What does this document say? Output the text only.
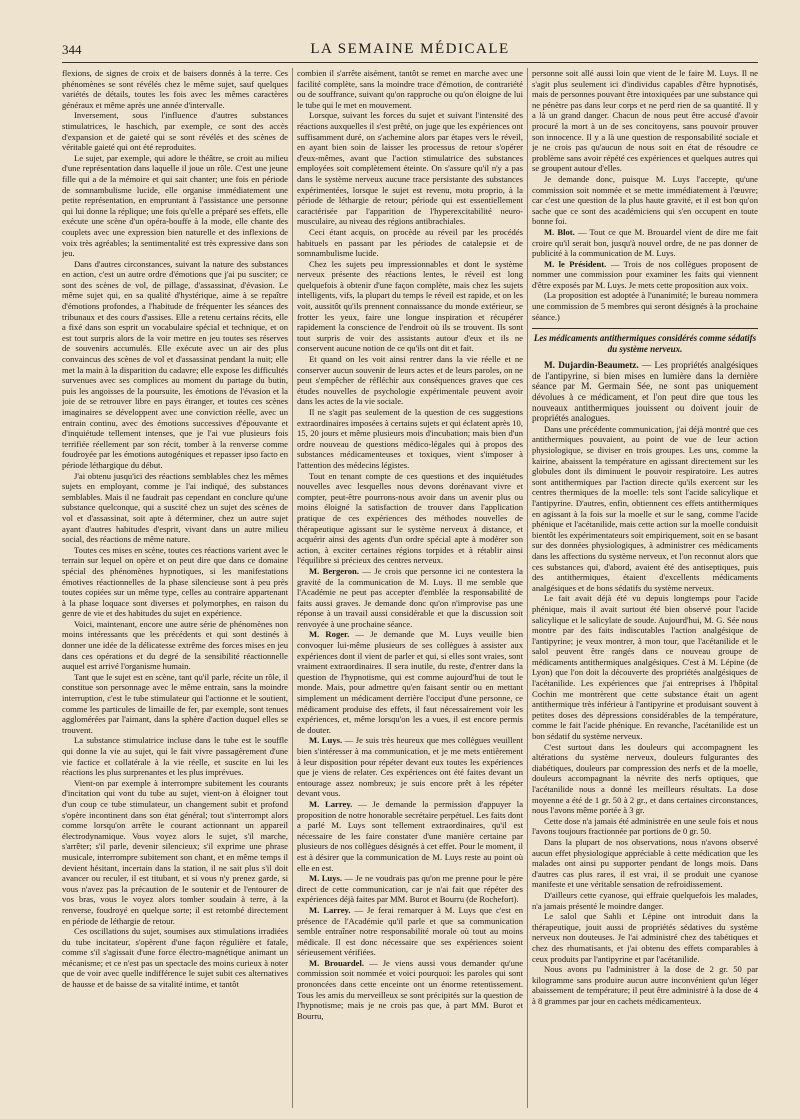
344	LA SEMAINE MÉDICALE

flexions, de signes de croix et de baisers donnés à la terre. Ces phénomènes se sont révélés chez le même sujet, sauf quelques variétés de détails, toutes les fois avec les mêmes caractères généraux et même après une année d'intervalle.

Inversement, sous l'influence d'autres substances stimulatrices, le haschich, par exemple, ce sont des accès d'expansion et de gaieté qui se sont révélés et des scènes de véritable gaieté qui ont été reproduites.

Le sujet, par exemple, qui adore le théâtre, se croit au milieu d'une représentation dans laquelle il joue un rôle. C'est une jeune fille qui a de la mémoire et qui sait chanter; une fois en période de somnambulisme lucide, elle organise immédiatement une petite représentation, en empruntant à l'assistance une personne qui lui donne la réplique; une fois qu'elle a préparé ses effets, elle exécute une scène d'un opéra-bouffe à la mode, elle chante des couplets avec une expression bien naturelle et des inflexions de voix très agréables; la sentimentalité est très expressive dans son jeu.

Dans d'autres circonstances, suivant la nature des substances en action, c'est un autre ordre d'émotions que j'ai pu susciter; ce sont des scènes de vol, de pillage, d'assassinat, d'évasion. Le même sujet qui, en sa qualité d'hystérique, aime à se repaître d'émotions profondes, a l'habitude de fréquenter les séances des tribunaux et des cours d'assises. Elle a retenu certains récits, elle a fixé dans son esprit un vocabulaire spécial et technique, et on est tout surpris alors de la voir mettre en jeu toutes ses réserves de souvenirs accumulés. Elle exécute avec un air des plus convaincus des scènes de vol et d'assassinat pendant la nuit; elle met la main à la disparition du cadavre; elle expose les difficultés survenues avec ses complices au moment du partage du butin, puis les angoisses de la poursuite, les émotions de l'évasion et la joie de se retrouver libre en pays étranger, et toutes ces scènes imaginaires se développent avec une conviction réelle, avec un entrain continu, avec des émotions successives d'épouvante et d'inquiétude tellement intenses, que je l'ai vue plusieurs fois terrifiée réellement par son récit, tomber à la renverse comme foudroyée par les émotions autogéniques et repasser ipso facto en période léthargique du début.

J'ai obtenu jusqu'ici des réactions semblables chez les mêmes sujets en employant, comme je l'ai indiqué, des substances semblables. Mais il ne faudrait pas cependant en conclure qu'une substance quelconque, qui a suscité chez un sujet des scènes de vol et d'assassinat, soit apte à déterminer, chez un autre sujet ayant d'autres habitudes d'esprit, vivant dans un autre milieu social, des réactions de même nature.

Toutes ces mises en scène, toutes ces réactions varient avec le terrain sur lequel on opère et on peut dire que dans ce domaine spécial des phénomènes hypnotiques, si les manifestations émotives réactionnelles de la phase silencieuse sont à peu près toutes copiées sur un même type, celles au contraire appartenant à la phase loquace sont diverses et polymorphes, en raison du genre de vie et des habitudes du sujet en expérience.

Voici, maintenant, encore une autre série de phénomènes non moins intéressants que les précédents et qui sont destinés à donner une idée de la délicatesse extrême des forces mises en jeu dans ces opérations et du degré de la sensibilité réactionnelle auquel est arrivé l'organisme humain.

Tant que le sujet est en scène, tant qu'il parle, récite un rôle, il constitue son personnage avec le même entrain, sans la moindre interruption, c'est le tube stimulateur qui l'actionne et le soutient, comme les particules de limaille de fer, par exemple, sont tenues agglomérées par l'aimant, dans la sphère d'action duquel elles se trouvent.

La substance stimulatrice incluse dans le tube est le souffle qui donne la vie au sujet, qui le fait vivre passagèrement d'une vie factice et collatérale à la vie réelle, et suscite en lui les réactions les plus surprenantes et les plus imprévues.

Vient-on par exemple à interrompre subitement les courants d'incitation qui vont du tube au sujet, vient-on à éloigner tout d'un coup ce tube stimulateur, un changement subit et profond s'opère incontinent dans son état général; tout s'interrompt alors comme lorsqu'on arrête le courant actionnant un appareil électrodynamique. Vous voyez alors le sujet, s'il marche, s'arrêter; s'il parle, devenir silencieux; s'il exprime une phrase musicale, interrompre subitement son chant, et en même temps il devient hésitant, incertain dans la station, il ne sait plus s'il doit avancer ou reculer, il est titubant, et si vous n'y prenez garde, si vous n'avez pas la précaution de le soutenir et de l'entourer de vos bras, vous le voyez alors tomber soudain à terre, à la renverse, foudroyé en quelque sorte; il est retombé directement en période de léthargie de retour.

Ces oscillations du sujet, soumises aux stimulations irradiées du tube incitateur, s'opèrent d'une façon régulière et fatale, comme s'il s'agissait d'une force électro-magnétique animant un mécanisme; et ce n'est pas un spectacle des moins curieux à noter que de voir avec quelle indifférence le sujet subit ces alternatives de hausse et de baisse de sa vitalité intime, et tantôt

combien il s'arrête aisément, tantôt se remet en marche avec une facilité complète, sans la moindre trace d'émotion, de contrariété ou de souffrance, suivant qu'on rapproche ou qu'on éloigne de lui le tube qui le met en mouvement.

Lorsque, suivant les forces du sujet et suivant l'intensité des réactions auxquelles il s'est prêté, on juge que les expériences ont suffisamment duré, on s'achemine alors par étapes vers le réveil, en ayant bien soin de laisser les processus de retour s'opérer d'eux-mêmes, avant que l'action stimulatrice des substances employées soit complètement éteinte. On s'assure qu'il n'y a pas dans le système nerveux aucune trace persistante des substances expérimentées, lorsque le sujet est revenu, motu proprio, à la période de léthargie de retour; période qui est essentiellement caractérisée par l'apparition de l'hyperexcitabilité neuro-musculaire, au niveau des régions antibrachiales.

Ceci étant acquis, on procède au réveil par les procédés habituels en passant par les périodes de catalepsie et de somnambulisme lucide.

Chez les sujets peu impressionnables et dont le système nerveux présente des réactions lentes, le réveil est long quelquefois à obtenir d'une façon complète, mais chez les sujets intelligents, vifs, la plupart du temps le réveil est rapide, et on les voit, aussitôt qu'ils prennent connaissance du monde extérieur, se frotter les yeux, faire une longue inspiration et récupérer rapidement la conscience de l'endroit où ils se trouvent. Ils sont tout surpris de voir des assistants autour d'eux et ils ne conservent aucune notion de ce qu'ils ont dit et fait.

Et quand on les voit ainsi rentrer dans la vie réelle et ne conserver aucun souvenir de leurs actes et de leurs paroles, on ne peut s'empêcher de réfléchir aux conséquences graves que ces études nouvelles de psychologie expérimentale peuvent avoir dans les actes de la vie sociale.

Il ne s'agit pas seulement de la question de ces suggestions extraordinaires imposées à certains sujets et qui éclatent après 10, 15, 20 jours et même plusieurs mois d'incubation; mais bien d'un ordre nouveau de questions médico-légales qui à propos des substances médicamenteuses et toxiques, vient s'imposer à l'attention des médecins légistes.

Tout en tenant compte de ces questions et des inquiétudes nouvelles avec lesquelles nous devons dorénavant vivre et compter, peut-être pourrons-nous avoir dans un avenir plus ou moins éloigné la satisfaction de trouver dans l'application pratique de ces expériences des méthodes nouvelles de thérapeutique agissant sur le système nerveux à distance, et acquérir ainsi des agents d'un ordre spécial apte à modérer son action, à exciter certaines régions torpides et à rétablir ainsi l'équilibre si précieux des centres nerveux.

M. Bergeron. — Je crois que personne ici ne contestera la gravité de la communication de M. Luys. Il me semble que l'Académie ne peut pas accepter d'emblée la responsabilité de faits aussi graves. Je demande donc qu'on n'improvise pas une réponse à un travail aussi considérable et que la discussion soit renvoyée à une prochaine séance.

M. Roger. — Je demande que M. Luys veuille bien convoquer lui-même plusieurs de ses collègues à assister aux expériences dont il vient de parler et qui, si elles sont vraies, sont vraiment extraordinaires. Il sera inutile, du reste, d'entrer dans la question de l'hypnotisme, qui est comme aujourd'hui de tout le monde. Mais, pour admettre qu'en faisant sentir ou en mettant simplement un médicament derrière l'occiput d'une personne, ce médicament produise des effets, il faut nécessairement voir les expériences, et, même lorsqu'on les a vues, il est encore permis de douter.

M. Luys. — Je suis très heureux que mes collègues veuillent bien s'intéresser à ma communication, et je me mets entièrement à leur disposition pour répéter devant eux toutes les expériences que je viens de relater. Ces expériences ont été faites devant un entourage assez nombreux; je suis encore prêt à les répéter devant vous.

M. Larrey. — Je demande la permission d'appuyer la proposition de notre honorable secrétaire perpétuel. Les faits dont a parlé M. Luys sont tellement extraordinaires, qu'il est nécessaire de les faire constater d'une manière certaine par plusieurs de nos collègues désignés à cet effet. Pour le moment, il est à désirer que la communication de M. Luys reste au point où elle en est.

M. Luys. — Je ne voudrais pas qu'on me prenne pour le père direct de cette communication, car je n'ai fait que répéter des expériences déjà faites par MM. Burot et Bourru (de Rochefort).

M. Larrey. — Je ferai remarquer à M. Luys que c'est en présence de l'Académie qu'il parle et que sa communication semble entraîner notre responsabilité morale où tout au moins médicale. Il est donc nécessaire que ses expériences soient sérieusement vérifiées.

M. Brouardel. — Je viens aussi vous demander qu'une commission soit nommée et voici pourquoi: les paroles qui sont prononcées dans cette enceinte ont un énorme retentissement. Tous les amis du merveilleux se sont précipités sur la question de l'hypnotisme; mais je ne crois pas que, à part MM. Burot et Bourru,

personne soit allé aussi loin que vient de le faire M. Luys. Il ne s'agit plus seulement ici d'individus capables d'être hypnotisés, mais de personnes pouvant être intoxiquées par une substance qui ne pénètre pas dans leur corps et ne perd rien de sa quantité. Il y a là un grand danger. Chacun de nous peut être accusé d'avoir procuré la mort à un de ses concitoyens, sans pouvoir prouver son innocence. Il y a là une question de responsabilité sociale et je ne crois pas qu'aucun de nous soit en état de résoudre ce problème sans avoir répété ces expériences et quelques autres qui se groupent autour d'elles.

Je demande donc, puisque M. Luys l'accepte, qu'une commission soit nommée et se mette immédiatement à l'œuvre; car c'est une question de la plus haute gravité, et il est bon qu'on sache que ce sont des académiciens qui s'en occupent en toute bonne foi.

M. Blot. — Tout ce que M. Brouardel vient de dire me fait croire qu'il serait bon, jusqu'à nouvel ordre, de ne pas donner de publicité à la communication de M. Luys.

M. le Président. — Trois de nos collègues proposent de nommer une commission pour examiner les faits qui viennent d'être exposés par M. Luys. Je mets cette proposition aux voix.

(La proposition est adoptée à l'unanimité; le bureau nommera une commission de 5 membres qui seront désignés à la prochaine séance.)

Les médicaments antithermiques considérés comme sédatifs du système nerveux.

M. Dujardin-Beaumetz. — Les propriétés analgésiques de l'antipyrine, si bien mises en lumière dans la dernière séance par M. Germain Sée, ne sont pas uniquement dévolues à ce médicament, et l'on peut dire que tous les nouveaux antithermiques jouissent ou doivent jouir de propriétés analogues.

Dans une précédente communication, j'ai déjà montré que ces antithermiques pouvaient, au point de vue de leur action physiologique, se diviser en trois groupes. Les uns, comme la kairine, abaissent la température en agissant directement sur les globules dont ils diminuent le pouvoir respiratoire. Les autres sont antithermiques par l'action directe qu'ils exercent sur les centres thermiques de la moelle: tels sont l'acide salicylique et l'antipyrine. D'autres, enfin, obtiennent ces effets antithermiques en agissant à la fois sur la moelle et sur le sang, comme l'acide phénique et l'acétanilide, mais cette action sur la moelle conduisit bientôt les expérimentateurs soit empiriquement, soit en se basant sur des données physiologiques, à administrer ces médicaments dans les affections du système nerveux, et l'on reconnut alors que ces substances qui, d'abord, avaient été des antiseptiques, puis des antithermiques, étaient d'excellents médicaments analgésiques et de bons sédatifs du système nerveux.

Le fait avait déjà été vu depuis longtemps pour l'acide phénique, mais il avait surtout été bien observé pour l'acide salicylique et le salicylate de soude. Aujourd'hui, M. G. Sée nous montre par des faits indiscutables l'action analgésique de l'antipyrine; je veux montrer, à mon tour, que l'acétanilide et le salol peuvent être rangés dans ce nouveau groupe de médicaments antithermiques analgésiques. C'est à M. Lépine (de Lyon) que l'on doit la découverte des propriétés analgésiques de l'acétanilide. Les expériences que j'ai entreprises à l'hôpital Cochin me montrèrent que cette substance était un agent antithermique très inférieur à l'antipyrine et produisant souvent à petites doses des dépressions considérables de la température, comme le fait l'acide phénique. En revanche, l'acétanilide est un bon sédatif du système nerveux.

C'est surtout dans les douleurs qui accompagnent les altérations du système nerveux, douleurs fulgurantes des diabétiques, douleurs par compression des nerfs et de la moelle, douleurs accompagnant la névrite des nerfs optiques, que l'acétanilide nous a donné les meilleurs résultats. La dose moyenne a été de 1 gr. 50 à 2 gr., et dans certaines circonstances, nous l'avons même portée à 3 gr.

Cette dose n'a jamais été administrée en une seule fois et nous l'avons toujours fractionnée par portions de 0 gr. 50.

Dans la plupart de nos observations, nous n'avons observé aucun effet physiologique appréciable à cette médication que les malades ont ainsi pu supporter pendant de longs mois. Dans d'autres cas plus rares, il est vrai, il se produit une cyanose manifeste et une véritable sensation de refroidissement.

D'ailleurs cette cyanose, qui effraie quelquefois les malades, n'a jamais présenté le moindre danger.

Le salol que Sahli et Lépine ont introduit dans la thérapeutique, jouit aussi de propriétés sédatives du système nerveux non douteuses. Je l'ai administré chez des tabétiques et chez des rhumatisants, et j'ai obtenu des effets comparables à ceux produits par l'antipyrine et par l'acétanilide.

Nous avons pu l'administrer à la dose de 2 gr. 50 par kilogramme sans produire aucun autre inconvénient qu'un léger abaissement de température; il peut être administré à la dose de 4 à 8 grammes par jour en cachets médicamenteux.
